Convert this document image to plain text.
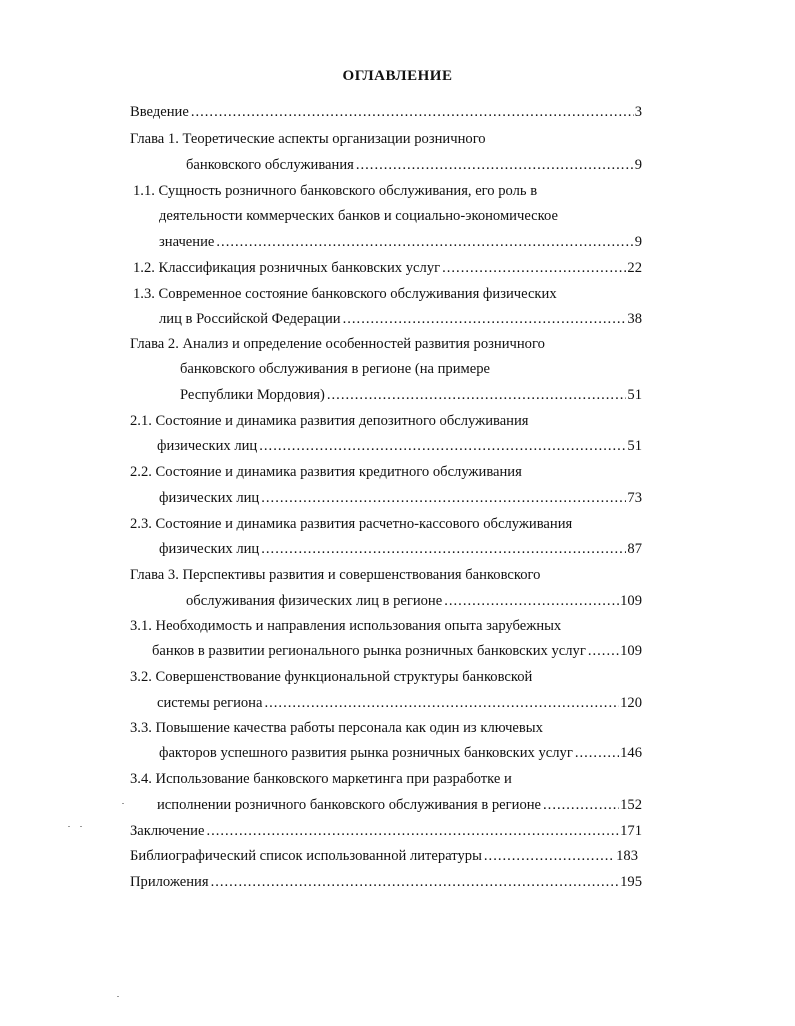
ОГЛАВЛЕНИЕ
Введение .....	3
Глава 1. Теоретические аспекты организации розничного
банковского обслуживания .....	9
1.1. Сущность розничного банковского обслуживания, его роль в
деятельности коммерческих банков и социально-экономическое
значение .....	9
1.2. Классификация розничных банковских услуг .....	22
1.3. Современное состояние банковского обслуживания физических
лиц в Российской Федерации .....	38
Глава 2. Анализ и определение особенностей развития розничного
банковского обслуживания в регионе (на примере
Республики Мордовия) .....	51
2.1. Состояние и динамика развития депозитного обслуживания
физических лиц .....	51
2.2. Состояние и динамика развития кредитного обслуживания
физических лиц .....	73
2.3. Состояние и динамика развития расчетно-кассового обслуживания
физических лиц .....	87
Глава 3. Перспективы развития и совершенствования банковского
обслуживания физических лиц в регионе .....	109
3.1. Необходимость и направления использования опыта зарубежных
банков в развитии регионального рынка розничных банковских услуг ..... 109
3.2. Совершенствование функциональной структуры банковской
системы региона .....	120
3.3. Повышение качества работы персонала как один из ключевых
факторов успешного развития рынка розничных банковских услуг .....	146
3.4. Использование банковского маркетинга при разработке и
исполнении розничного банковского обслуживания в регионе .....	152
Заключение .....	171
Библиографический список использованной литературы .....	183
Приложения .....	195
